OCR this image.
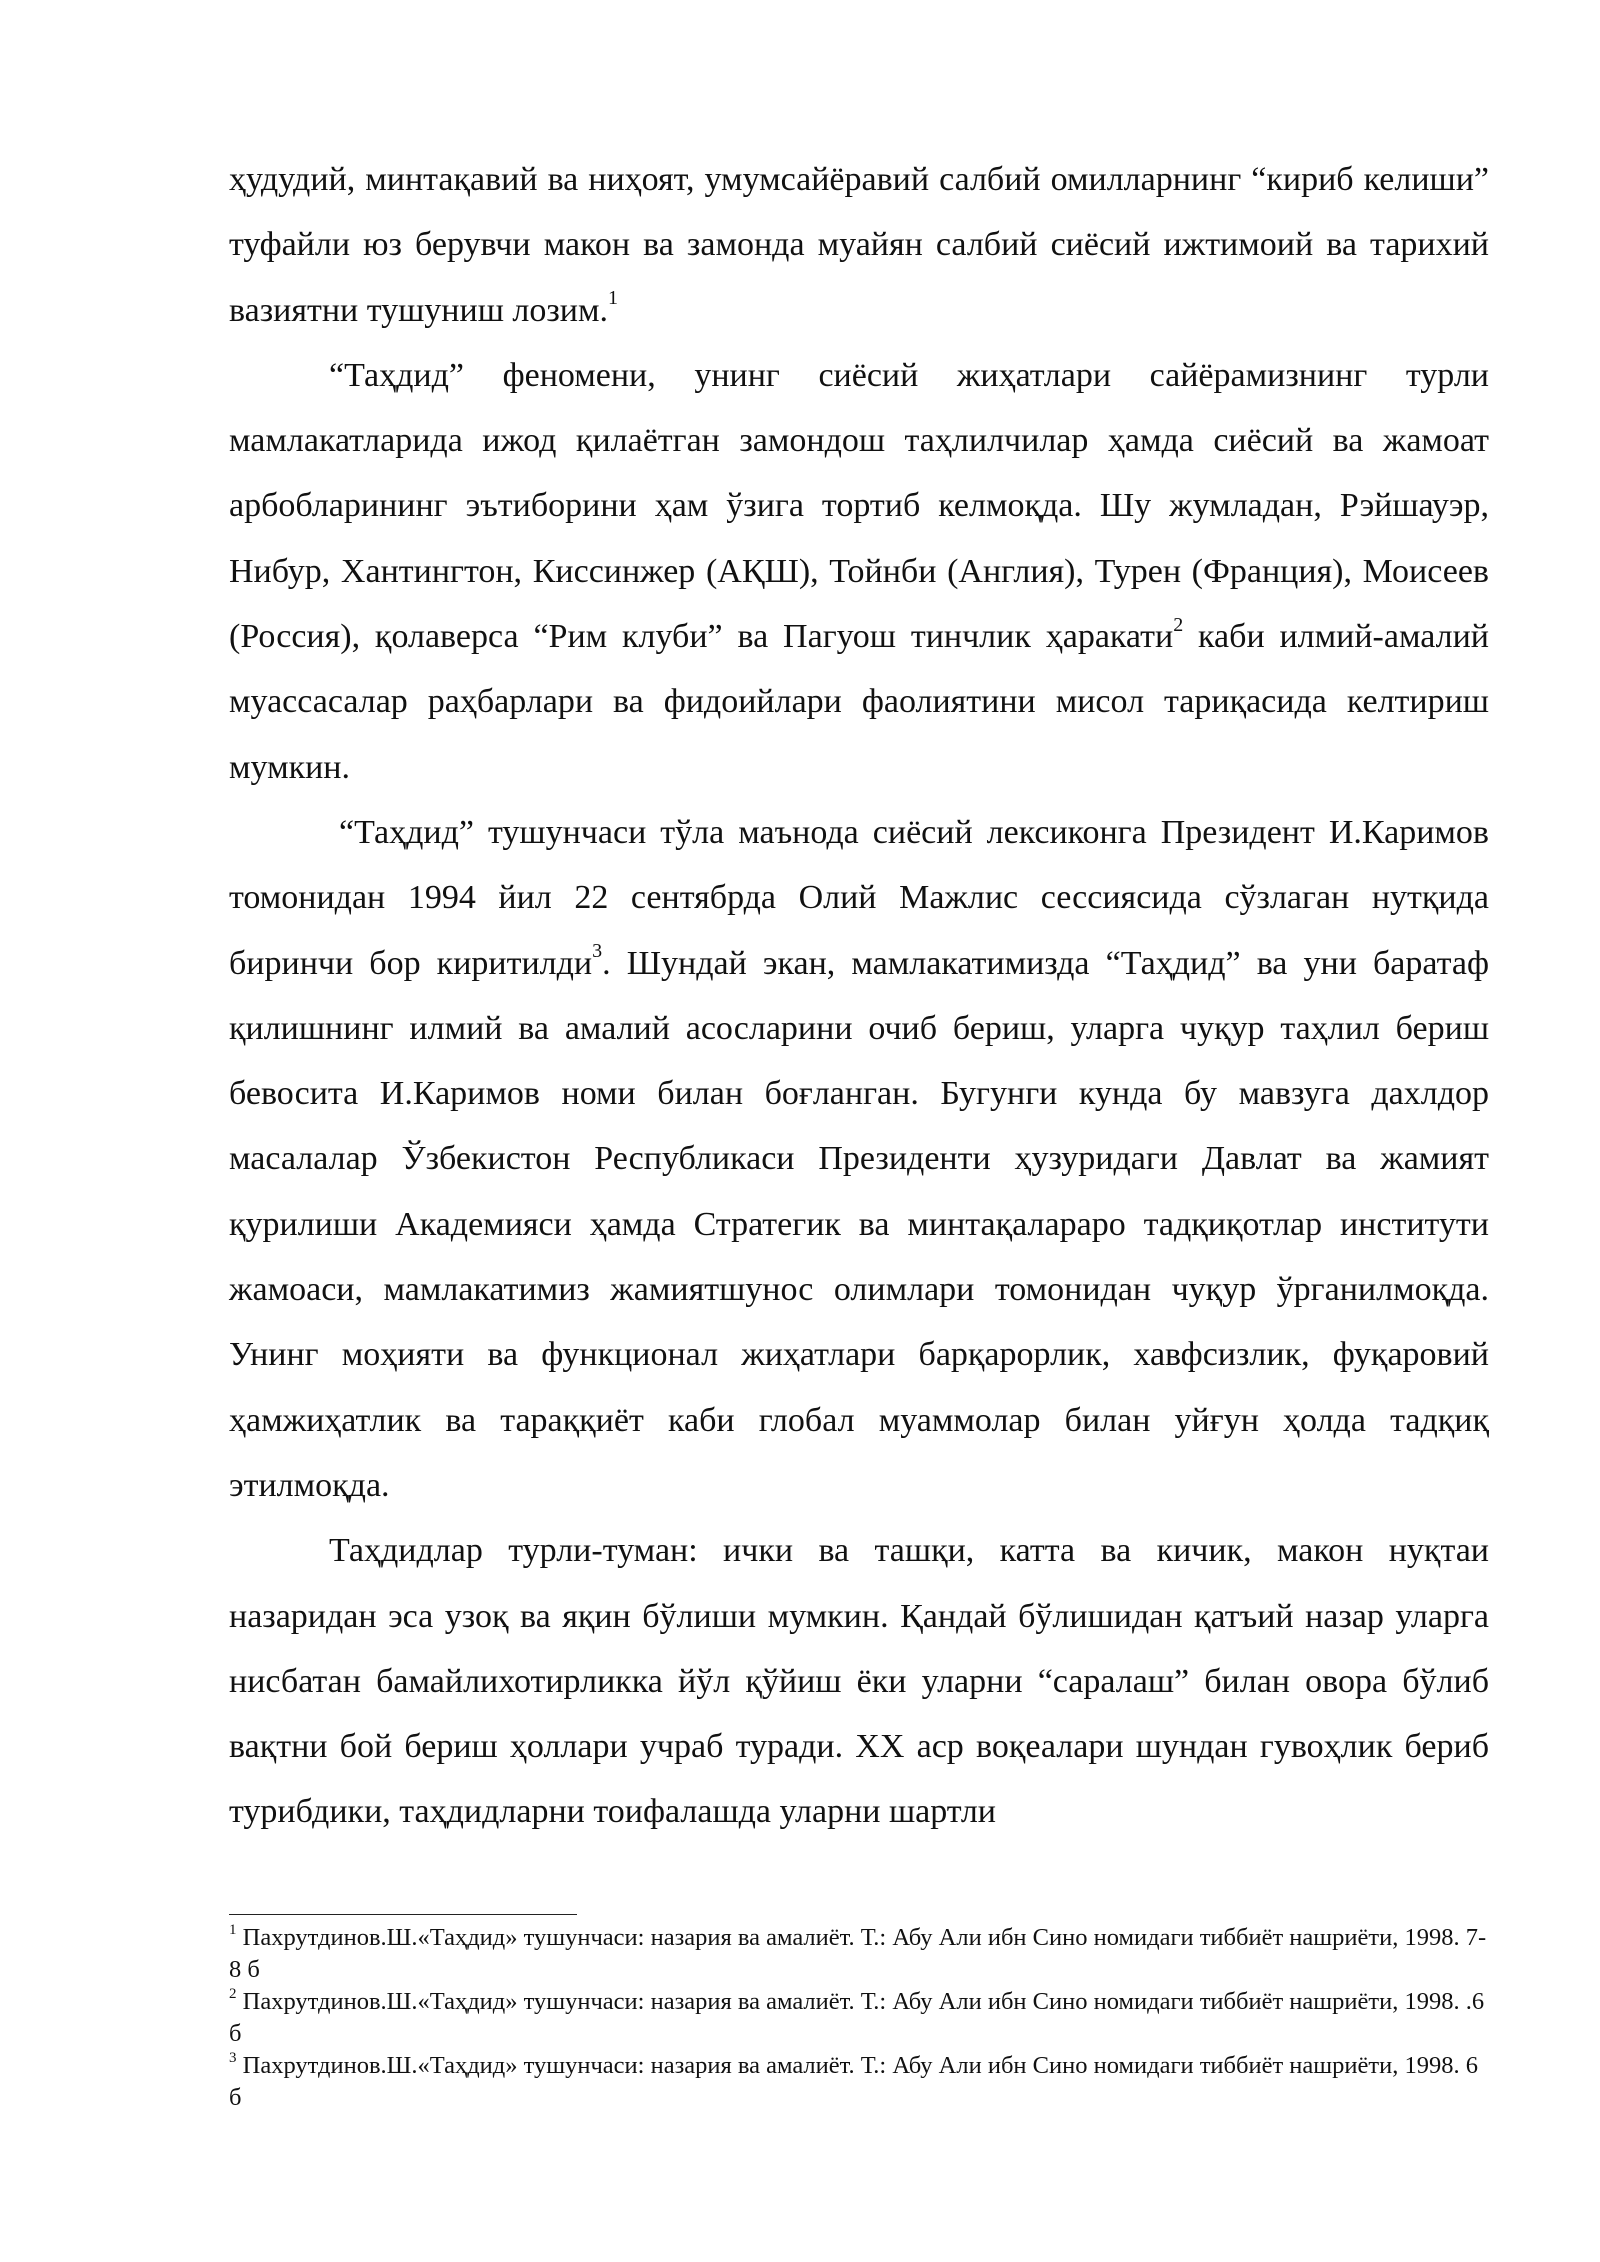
ҳудудий, минтақавий ва ниҳоят, умумсайёравий салбий омилларнинг “кириб келиши” туфайли юз берувчи макон ва замонда муайян салбий сиёсий ижтимоий ва тарихий вазиятни тушуниш лозим.$^1$

“Таҳдид” феномени, унинг сиёсий жиҳатлари сайёрамизнинг турли мамлакатларида ижод қилаётган замондош таҳлилчилар ҳамда сиёсий ва жамоат арбобларининг эътиборини ҳам ўзига тортиб келмоқда. Шу жумладан, Рэйшауэр, Нибур, Хантингтон, Киссинжер (АҚШ), Тойнби (Англия), Турен (Франция), Моисеев (Россия), қолаверса “Рим клуби” ва Пагуош тинчлик ҳаракати$^2$ каби илмий-амалий муассасалар раҳбарлари ва фидоийлари фаолиятини мисол тариқасида келтириш мумкин.

“Таҳдид” тушунчаси тўла маънода сиёсий лексиконга Президент И.Каримов томонидан 1994 йил 22 сентябрда Олий Мажлис сессиясида сўзлаган нутқида биринчи бор киритилди$^3$. Шундай экан, мамлакатимизда “Таҳдид” ва уни баратаф қилишнинг илмий ва амалий асосларини очиб бериш, уларга чуқур таҳлил бериш бевосита И.Каримов номи билан боғланган. Бугунги кунда бу мавзуга дахлдор масалалар Ўзбекистон Республикаси Президенти ҳузуридаги Давлат ва жамият қурилиши Академияси ҳамда Стратегик ва минтақалараро тадқиқотлар институти жамоаси, мамлакатимиз жамиятшунос олимлари томонидан чуқур ўрганилмоқда. Унинг моҳияти ва функционал жиҳатлари барқарорлик, хавфсизлик, фуқаровий ҳамжиҳатлик ва тараққиёт каби глобал муаммолар билан уйғун ҳолда тадқиқ этилмоқда.

Таҳдидлар турли-туман: ички ва ташқи, катта ва кичик, макон нуқтаи назаридан эса узоқ ва яқин бўлиши мумкин. Қандай бўлишидан қатъий назар уларга нисбатан бамайлихотирликка йўл қўйиш ёки уларни “саралаш” билан овора бўлиб вақтни бой бериш ҳоллари учраб туради. XX аср воқеалари шундан гувоҳлик бериб турибдики, таҳдидларни тоифалашда уларни шартли

$^1$ Пахрутдинов.Ш.«Таҳдид» тушунчаси: назария ва амалиёт. Т.: Абу Али ибн Сино номидаги тиббиёт нашриёти, 1998. 7-8 б

$^2$ Пахрутдинов.Ш.«Таҳдид» тушунчаси: назария ва амалиёт. Т.: Абу Али ибн Сино номидаги тиббиёт нашриёти, 1998. .6 б

$^3$ Пахрутдинов.Ш.«Таҳдид» тушунчаси: назария ва амалиёт. Т.: Абу Али ибн Сино номидаги тиббиёт нашриёти, 1998. 6 б
